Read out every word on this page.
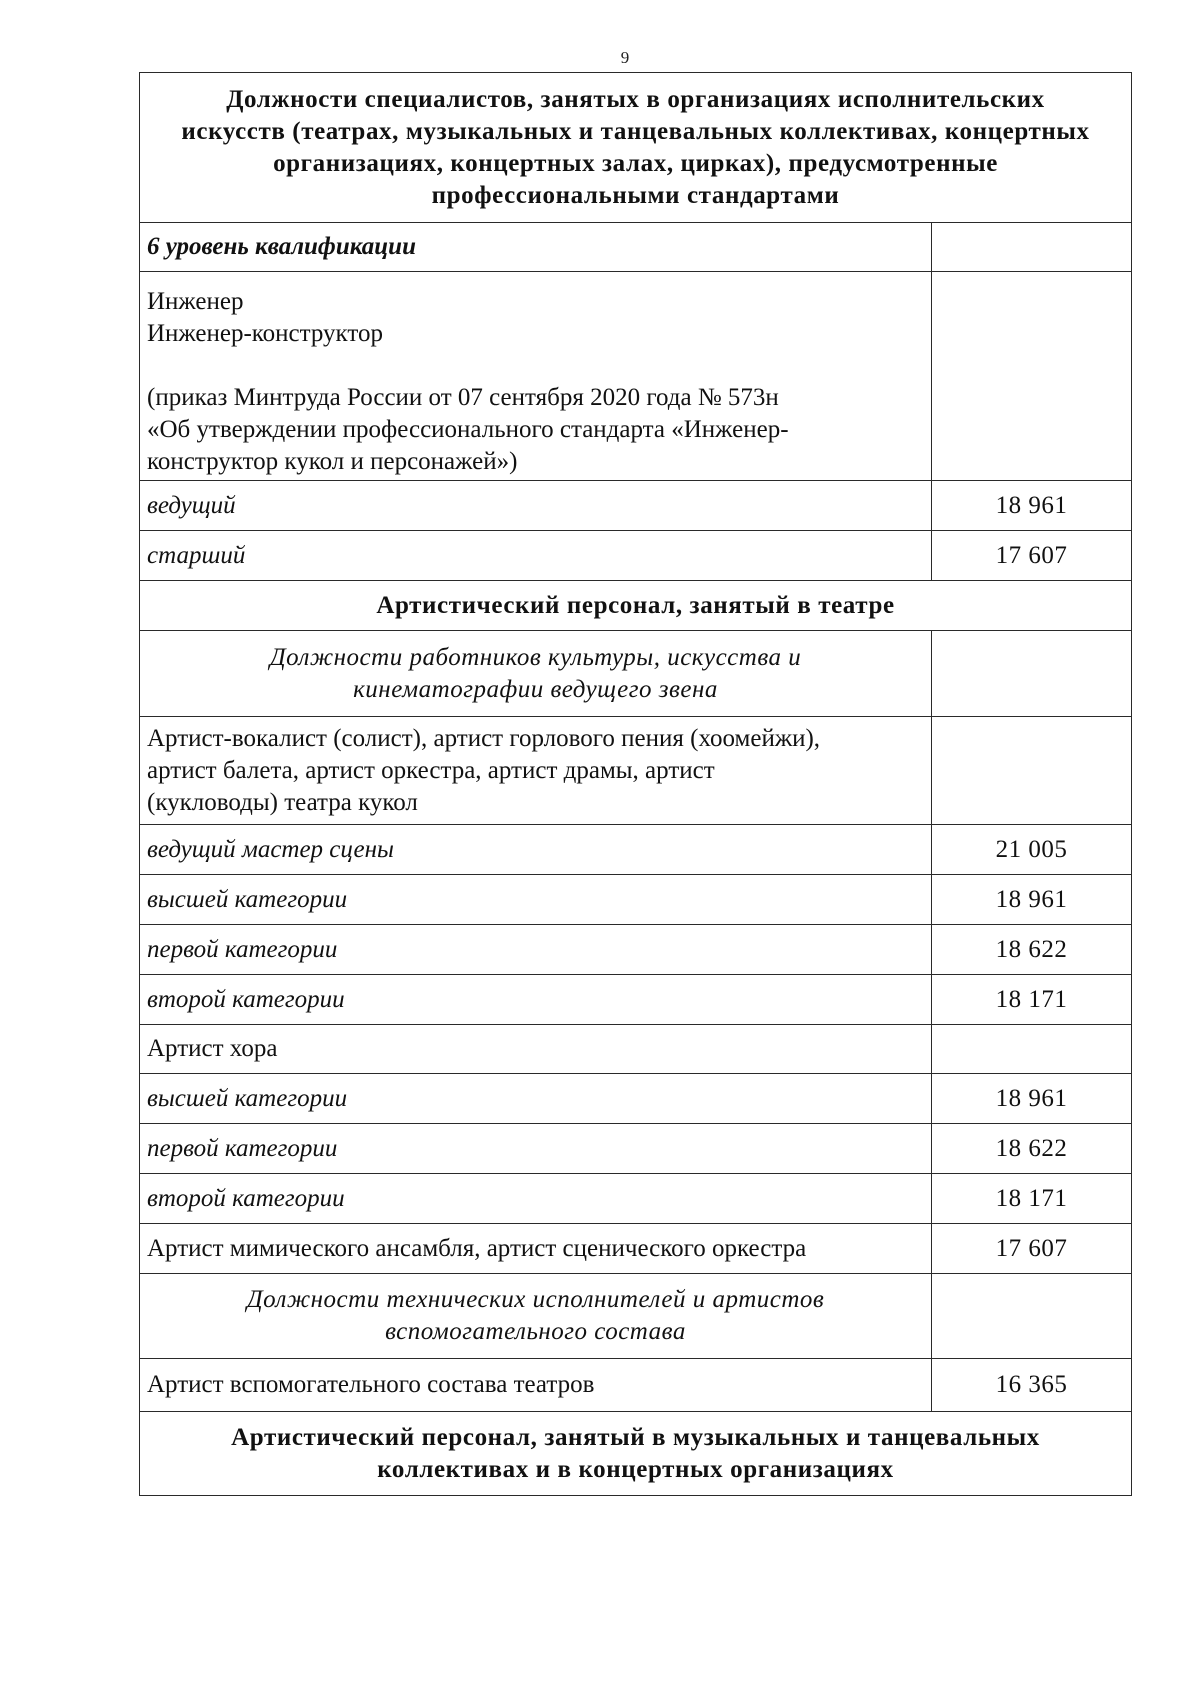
9
Должности специалистов, занятых в организациях исполнительских
искусств (театрах, музыкальных и танцевальных коллективах, концертных
организациях, концертных залах, цирках), предусмотренные
профессиональными стандартами	

6 уровень квалификации	

Инженер
Инженер-конструктор
(приказ Минтруда России от 07 сентября 2020 года № 573н
«Об утверждении профессионального стандарта «Инженер-
конструктор кукол и персонажей»)	

ведущий	18 961
старший	17 607
Артистический персонал, занятый в театре	

Должности работников культуры, искусства и
кинематографии ведущего звена	

Артист-вокалист (солист), артист горлового пения (хоомейжи),
артист балета, артист оркестра, артист драмы, артист
(кукловоды) театра кукол	

ведущий мастер сцены	21 005
высшей категории	18 961
первой категории	18 622
второй категории	18 171
Артист хора	
высшей категории	18 961
первой категории	18 622
второй категории	18 171
Артист мимического ансамбля, артист сценического оркестра	17 607

Должности технических исполнителей и артистов
вспомогательного состава	

Артист вспомогательного состава театров	16 365

Артистический персонал, занятый в музыкальных и танцевальных
коллективах и в концертных организациях	
